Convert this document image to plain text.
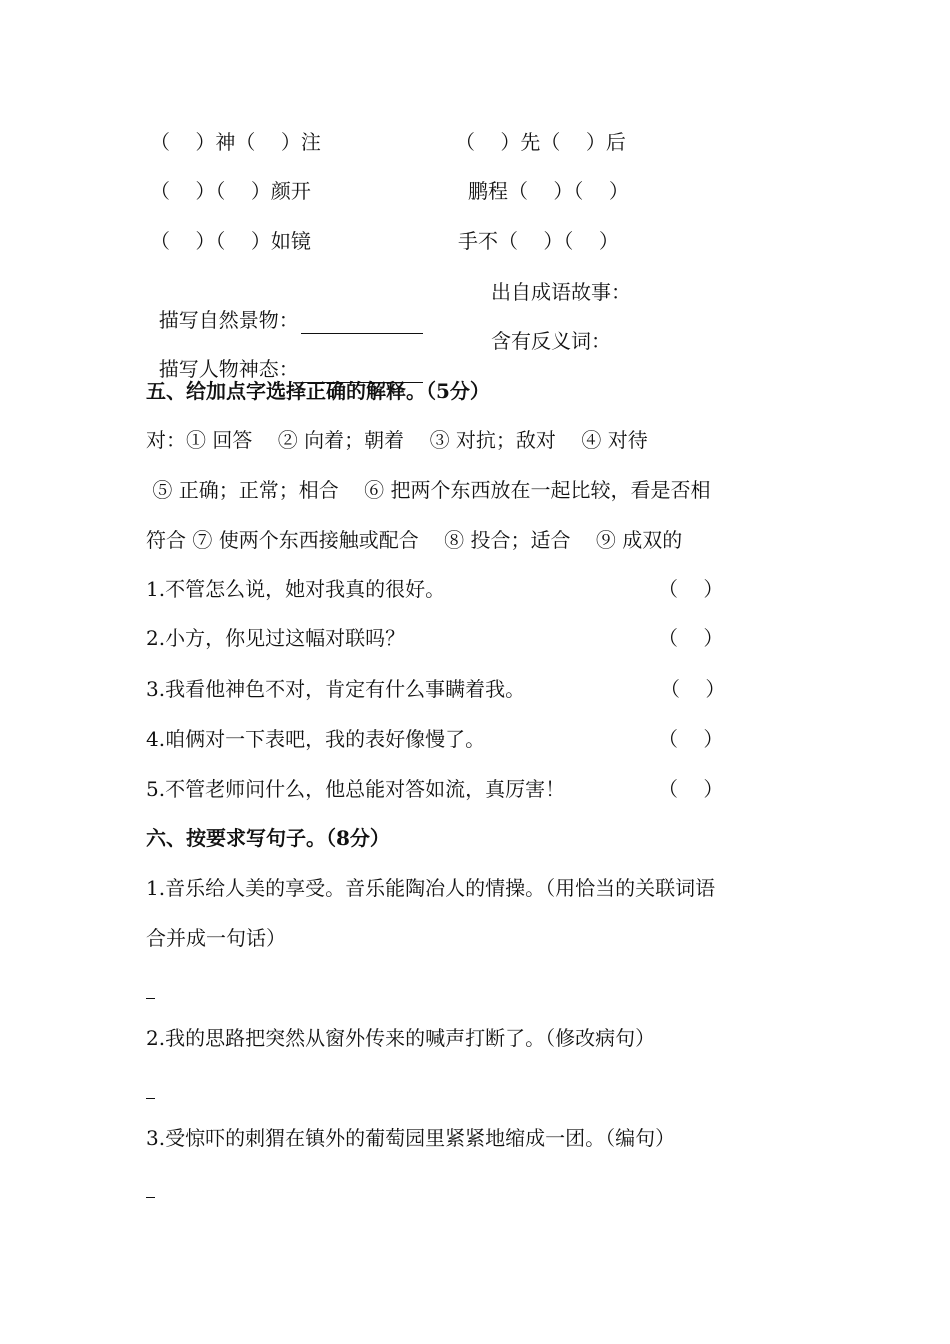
（    ）神（    ）注	（    ）先（    ）后
（    ）（    ）颜开	鹏程（    ）（    ）
（    ）（    ）如镜	手不（    ）（    ）

描写自然景物：

出自成语故事：

描写人物神态：

含有反义词：
五、给加点字选择正确的解释。（5分）
对：① 回答    ② 向着；朝着    ③ 对抗；敌对    ④ 对待
⑤ 正确；正常；相合    ⑥ 把两个东西放在一起比较，看是否相
符合 ⑦ 使两个东西接触或配合    ⑧ 投合；适合    ⑨ 成双的
1.不管怎么说，她对我真的很好。	（    ）
2.小方，你见过这幅对联吗？	（    ）
3.我看他神色不对，肯定有什么事瞒着我。	（    ）
4.咱俩对一下表吧，我的表好像慢了。	（    ）
5.不管老师问什么，他总能对答如流，真厉害！	（    ）
六、按要求写句子。（8分）
1.音乐给人美的享受。音乐能陶冶人的情操。（用恰当的关联词语
合并成一句话）
2.我的思路把突然从窗外传来的喊声打断了。（修改病句）
3.受惊吓的刺猬在镇外的葡萄园里紧紧地缩成一团。（编句）
